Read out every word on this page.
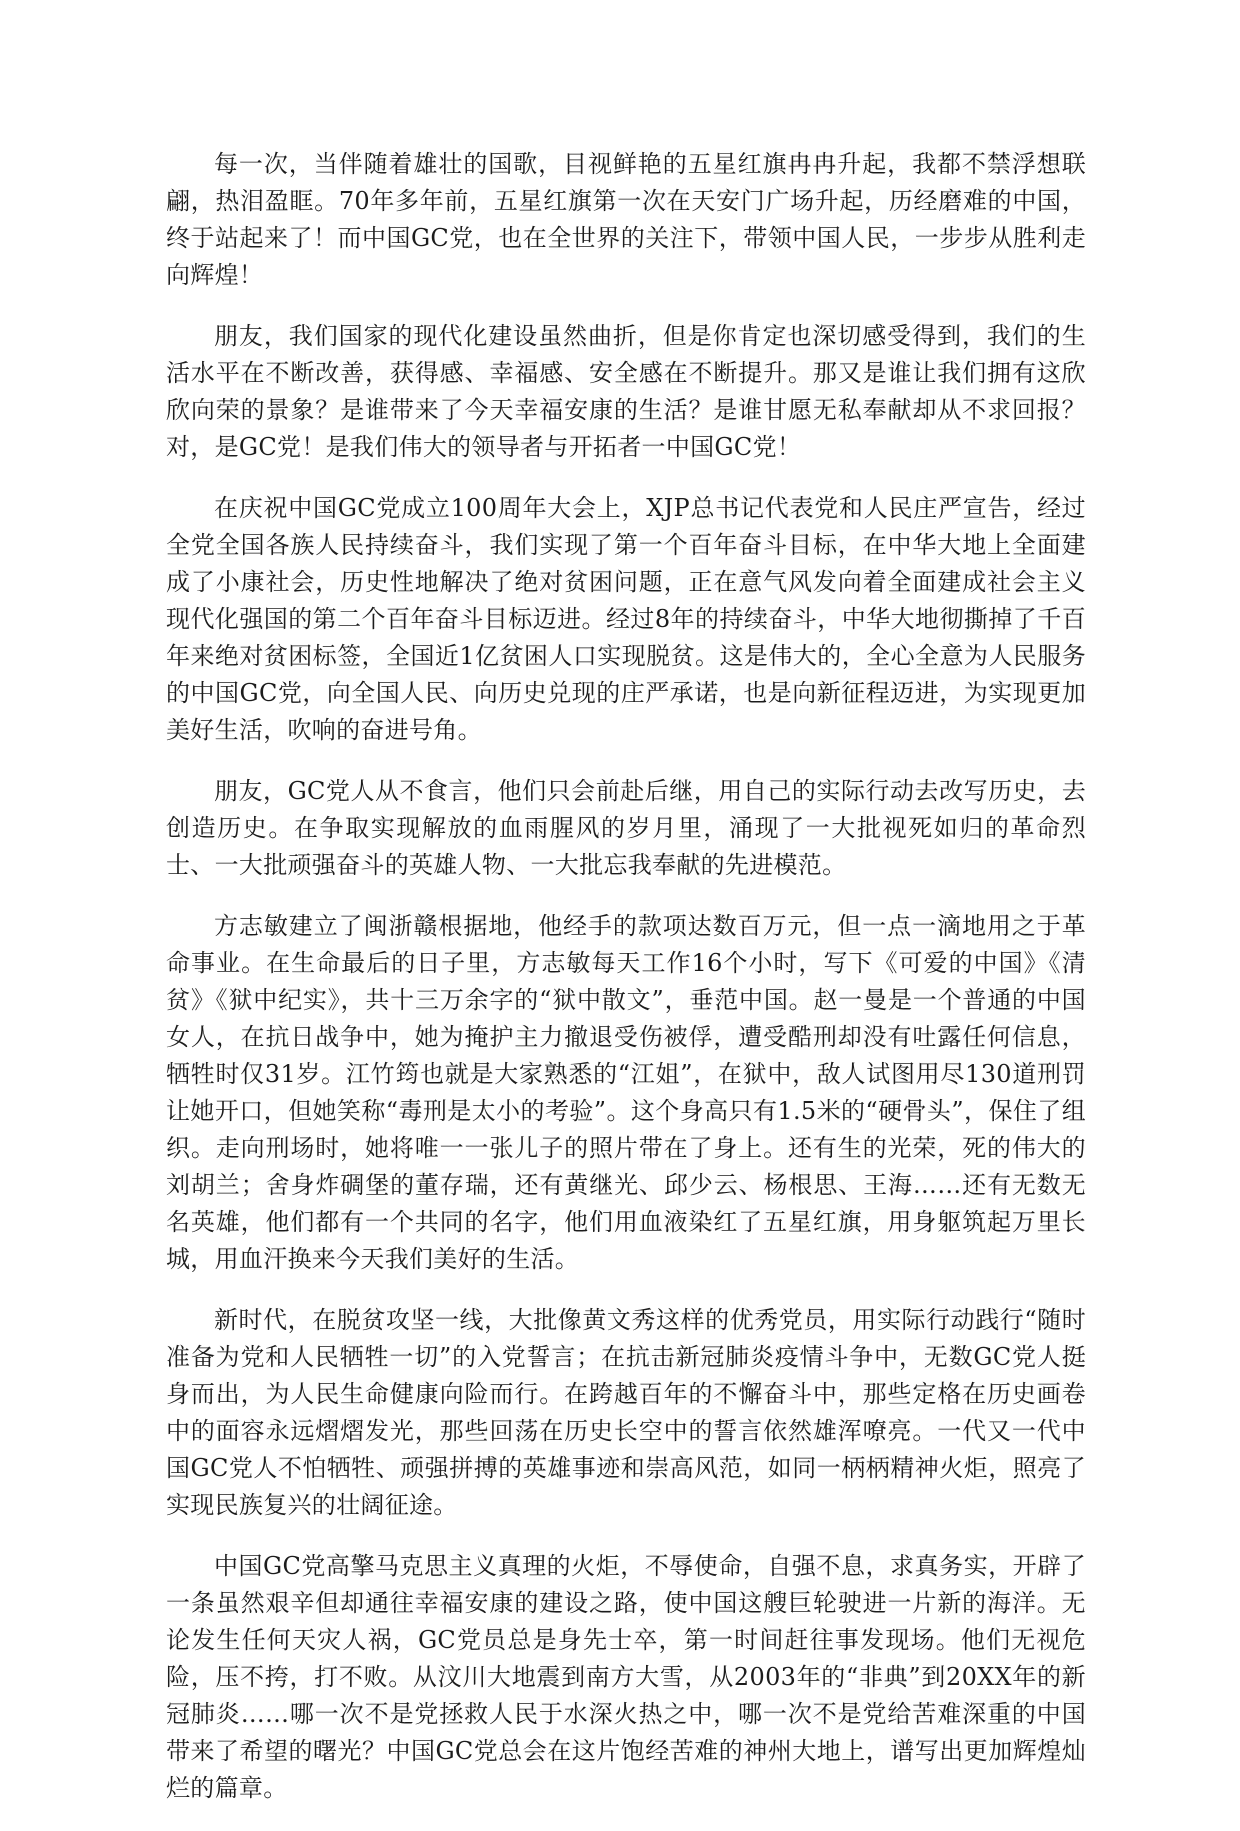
每一次，当伴随着雄壮的国歌，目视鲜艳的五星红旗冉冉升起，我都不禁浮想联翩，热泪盈眶。70年多年前，五星红旗第一次在天安门广场升起，历经磨难的中国，终于站起来了！而中国GC党，也在全世界的关注下，带领中国人民，一步步从胜利走向辉煌！

朋友，我们国家的现代化建设虽然曲折，但是你肯定也深切感受得到，我们的生活水平在不断改善，获得感、幸福感、安全感在不断提升。那又是谁让我们拥有这欣欣向荣的景象？是谁带来了今天幸福安康的生活？是谁甘愿无私奉献却从不求回报？对，是GC党！是我们伟大的领导者与开拓者一中国GC党！

在庆祝中国GC党成立100周年大会上，XJP总书记代表党和人民庄严宣告，经过全党全国各族人民持续奋斗，我们实现了第一个百年奋斗目标，在中华大地上全面建成了小康社会，历史性地解决了绝对贫困问题，正在意气风发向着全面建成社会主义现代化强国的第二个百年奋斗目标迈进。经过8年的持续奋斗，中华大地彻撕掉了千百年来绝对贫困标签，全国近1亿贫困人口实现脱贫。这是伟大的，全心全意为人民服务的中国GC党，向全国人民、向历史兑现的庄严承诺，也是向新征程迈进，为实现更加美好生活，吹响的奋进号角。

朋友，GC党人从不食言，他们只会前赴后继，用自己的实际行动去改写历史，去创造历史。在争取实现解放的血雨腥风的岁月里，涌现了一大批视死如归的革命烈士、一大批顽强奋斗的英雄人物、一大批忘我奉献的先进模范。

方志敏建立了闽浙赣根据地，他经手的款项达数百万元，但一点一滴地用之于革命事业。在生命最后的日子里，方志敏每天工作16个小时，写下《可爱的中国》《清贫》《狱中纪实》，共十三万余字的“狱中散文”，垂范中国。赵一曼是一个普通的中国女人，在抗日战争中，她为掩护主力撤退受伤被俘，遭受酷刑却没有吐露任何信息，牺牲时仅31岁。江竹筠也就是大家熟悉的“江姐”，在狱中，敌人试图用尽130道刑罚让她开口，但她笑称“毒刑是太小的考验”。这个身高只有1.5米的“硬骨头”，保住了组织。走向刑场时，她将唯一一张儿子的照片带在了身上。还有生的光荣，死的伟大的刘胡兰；舍身炸碉堡的董存瑞，还有黄继光、邱少云、杨根思、王海……还有无数无名英雄，他们都有一个共同的名字，他们用血液染红了五星红旗，用身躯筑起万里长城，用血汗换来今天我们美好的生活。

新时代，在脱贫攻坚一线，大批像黄文秀这样的优秀党员，用实际行动践行“随时准备为党和人民牺牲一切”的入党誓言；在抗击新冠肺炎疫情斗争中，无数GC党人挺身而出，为人民生命健康向险而行。在跨越百年的不懈奋斗中，那些定格在历史画卷中的面容永远熠熠发光，那些回荡在历史长空中的誓言依然雄浑嘹亮。一代又一代中国GC党人不怕牺牲、顽强拼搏的英雄事迹和崇高风范，如同一柄柄精神火炬，照亮了实现民族复兴的壮阔征途。

中国GC党高擎马克思主义真理的火炬，不辱使命，自强不息，求真务实，开辟了一条虽然艰辛但却通往幸福安康的建设之路，使中国这艘巨轮驶进一片新的海洋。无论发生任何天灾人祸，GC党员总是身先士卒，第一时间赶往事发现场。他们无视危险，压不挎，打不败。从汶川大地震到南方大雪，从2003年的“非典”到20XX年的新冠肺炎……哪一次不是党拯救人民于水深火热之中，哪一次不是党给苦难深重的中国带来了希望的曙光？中国GC党总会在这片饱经苦难的神州大地上，谱写出更加辉煌灿烂的篇章。
